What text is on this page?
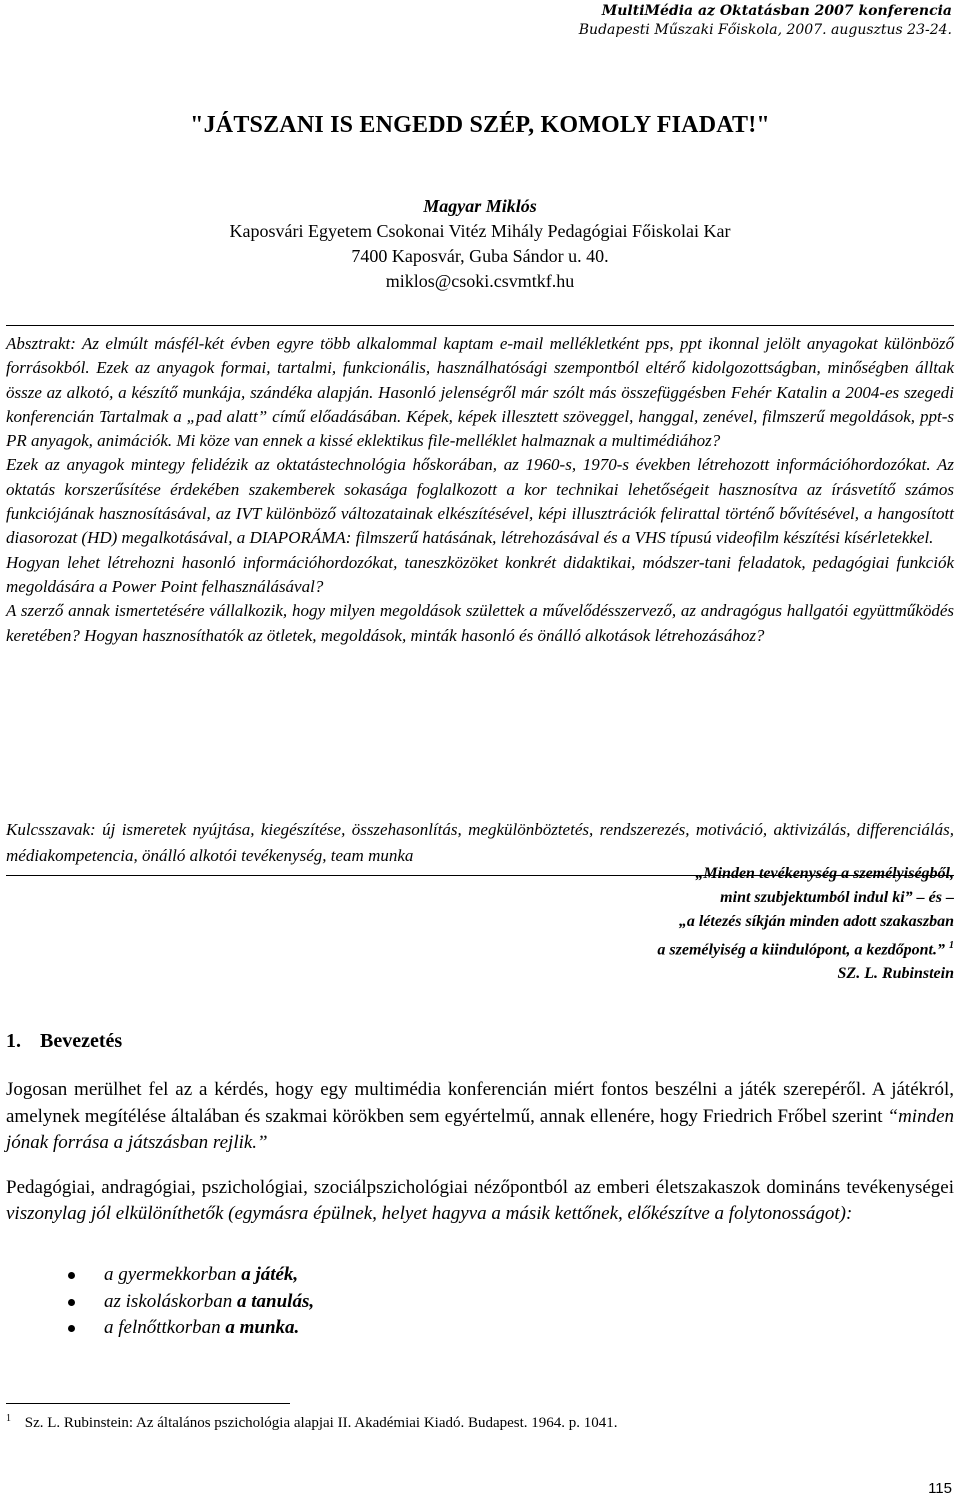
MultiMédia az Oktatásban 2007 konferencia
Budapesti Műszaki Főiskola, 2007. augusztus 23-24.
"JÁTSZANI IS ENGEDD SZÉP, KOMOLY FIADAT!"
Magyar Miklós
Kaposvári Egyetem Csokonai Vitéz Mihály Pedagógiai Főiskolai Kar
7400 Kaposvár, Guba Sándor u. 40.
miklos@csoki.csvmtkf.hu

Absztrakt: Az elmúlt másfél-két évben egyre több alkalommal kaptam e-mail mellékletként pps, ppt ikonnal jelölt anyagokat különböző forrásokból. Ezek az anyagok formai, tartalmi, funkcionális, használhatósági szempontból eltérő kidolgozottságban, minőségben álltak össze az alkotó, a készítő munkája, szándéka alapján. Hasonló jelenségről már szólt más összefüggésben Fehér Katalin a 2004-es szegedi konferencián Tartalmak a „pad alatt” című előadásában. Képek, képek illesztett szöveggel, hanggal, zenével, filmszerű megoldások, ppt-s PR anyagok, animációk. Mi köze van ennek a kissé eklektikus file-melléklet halmaznak a multimédiához?

Ezek az anyagok mintegy felidézik az oktatástechnológia hőskorában, az 1960-s, 1970-s években létrehozott információhordozókat. Az oktatás korszerűsítése érdekében szakemberek sokasága foglalkozott a kor technikai lehetőségeit hasznosítva az írásvetítő számos funkciójának hasznosításával, az IVT különböző változatainak elkészítésével, képi illusztrációk felirattal történő bővítésével, a hangosított diasorozat (HD) megalkotásával, a DIAPORÁMA: filmszerű hatásának, létrehozásával és a VHS típusú videofilm készítési kísérletekkel.

Hogyan lehet létrehozni hasonló információhordozókat, taneszközöket konkrét didaktikai, módszer-tani feladatok, pedagógiai funkciók megoldására a Power Point felhasználásával?

A szerző annak ismertetésére vállalkozik, hogy milyen megoldások születtek a művelődésszervező, az andragógus hallgatói együttműködés keretében? Hogyan hasznosíthatók az ötletek, megoldások, minták hasonló és önálló alkotások létrehozásához?

Kulcsszavak: új ismeretek nyújtása, kiegészítése, összehasonlítás, megkülönböztetés, rendszerezés, motiváció, aktivizálás, differenciálás, médiakompetencia, önálló alkotói tevékenység, team munka
„Minden tevékenység a személyiségből,
mint szubjektumból indul ki” – és –
„a létezés síkján minden adott szakaszban
a személyiség a kiindulópont, a kezdőpont.” $^1$
SZ. L. Rubinstein
1. Bevezetés

Jogosan merülhet fel az a kérdés, hogy egy multimédia konferencián miért fontos beszélni a játék szerepéről. A játékról, amelynek megítélése általában és szakmai körökben sem egyértelmű, annak ellenére, hogy Friedrich Frőbel szerint “minden jónak forrása a játszásban rejlik.”

Pedagógiai, andragógiai, pszichológiai, szociálpszichológiai nézőpontból az emberi életszakaszok domináns tevékenységei viszonylag jól elkülöníthetők (egymásra épülnek, helyet hagyva a másik kettőnek, előkészítve a folytonosságot):

a gyermekkorban a játék,
az iskoláskorban a tanulás,
a felnőttkorban a munka.
$^1$ Sz. L. Rubinstein: Az általános pszichológia alapjai II. Akadémiai Kiadó. Budapest. 1964. p. 1041.
115
